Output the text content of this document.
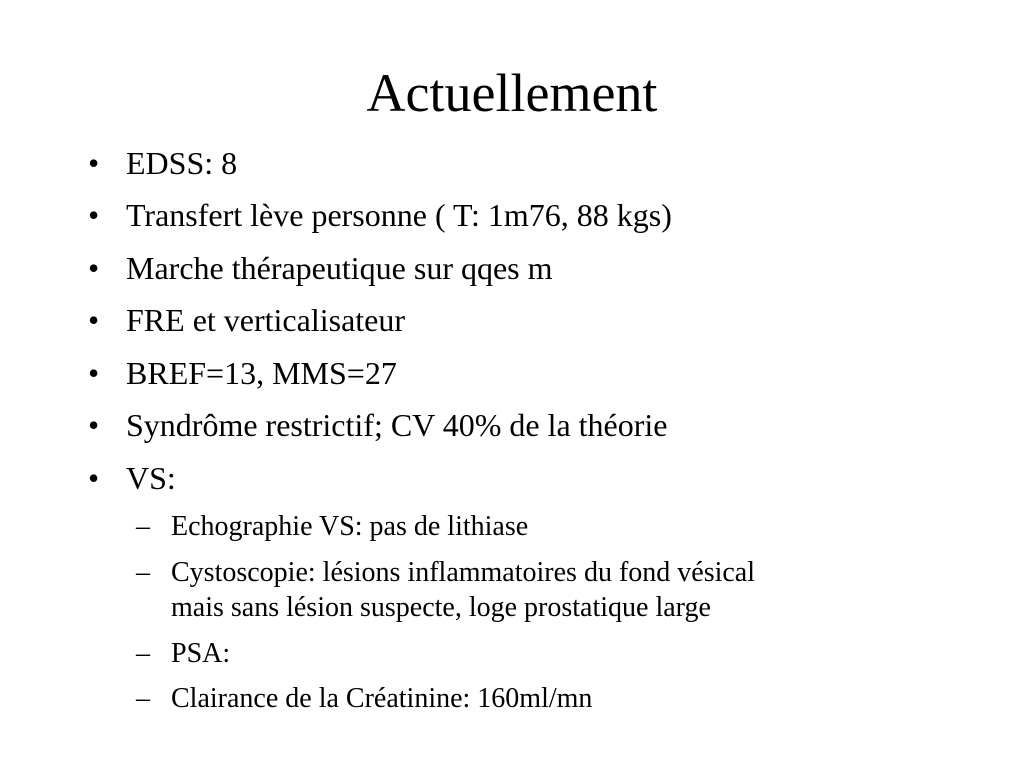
Actuellement
• EDSS: 8
• Transfert lève personne ( T: 1m76, 88 kgs)
• Marche thérapeutique sur qqes m
• FRE et verticalisateur
• BREF=13, MMS=27
• Syndrôme restrictif; CV 40% de la théorie
• VS:
– Echographie VS: pas de lithiase
– Cystoscopie: lésions inflammatoires du fond vésical
mais sans lésion suspecte, loge prostatique large
– PSA:
– Clairance de la Créatinine: 160ml/mn
